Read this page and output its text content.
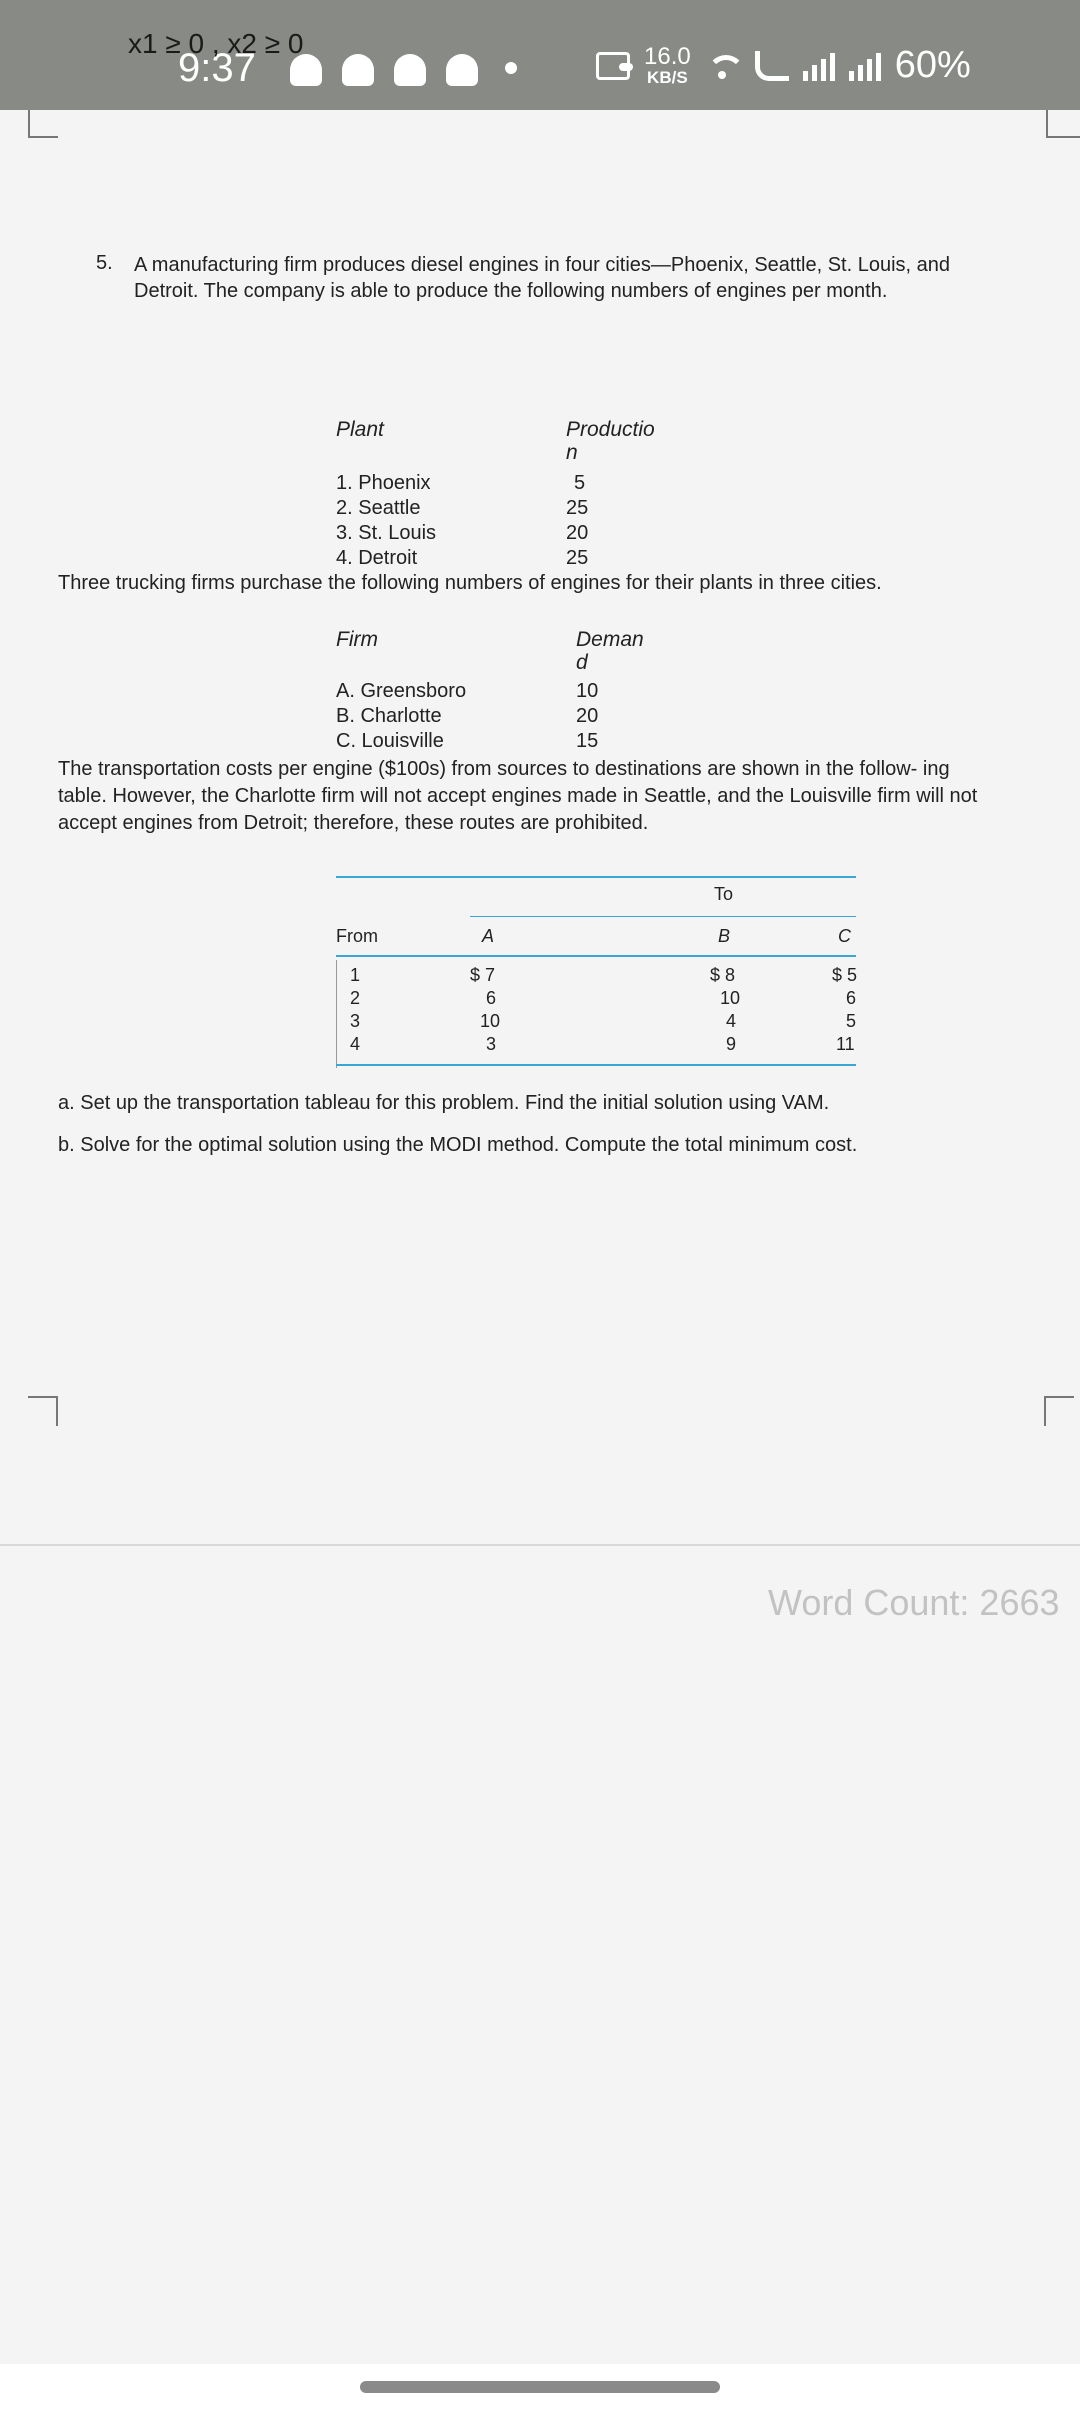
9:37	16.0
KB/S	60%
x1 ≥ 0 , x2 ≥ 0
5. A manufacturing firm produces diesel engines in four cities—Phoenix, Seattle, St. Louis, and
Detroit. The company is able to produce the following numbers of engines per month.
Plant	Productio
n
1. Phoenix	5
2. Seattle	25
3. St. Louis	20
4. Detroit	25
Three trucking firms purchase the following numbers of engines for their plants in three cities.
Firm	Deman
d
A. Greensboro	10
B. Charlotte	20
C. Louisville	15
The transportation costs per engine ($100s) from sources to destinations are shown in the follow- ing
table. However, the Charlotte firm will not accept engines made in Seattle, and the Louisville firm will not
accept engines from Detroit; therefore, these routes are prohibited.
To
From	A	B	C
1	$ 7	$ 8	$ 5
2	6	10	6
3	10	4	5
4	3	9	11
a. Set up the transportation tableau for this problem. Find the initial solution using VAM.
b. Solve for the optimal solution using the MODI method. Compute the total minimum cost.
Word Count: 2663
